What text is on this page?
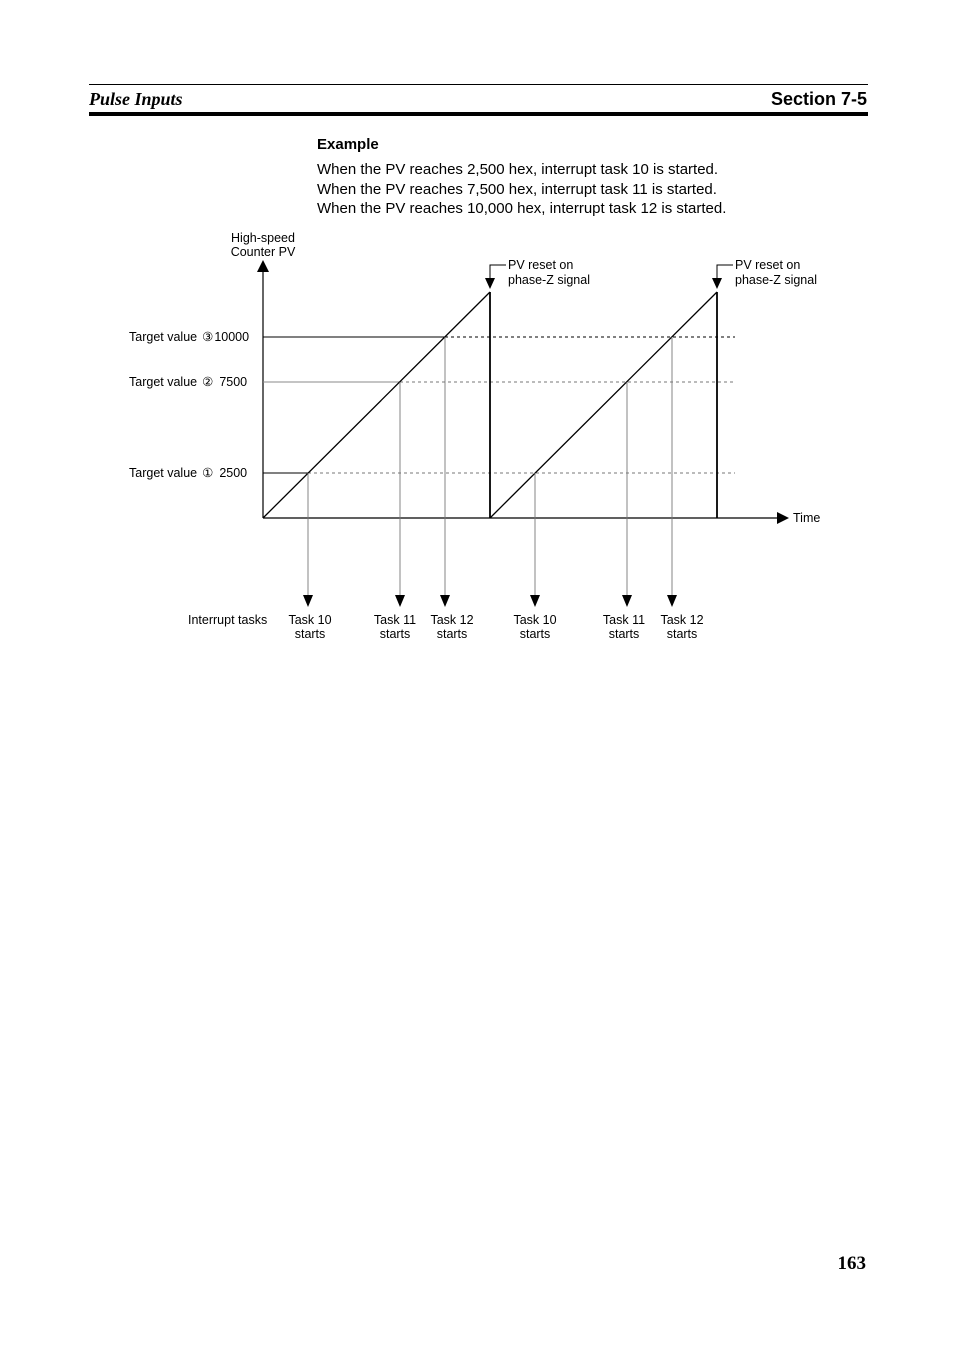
Pulse Inputs	Section 7-5
Example
When the PV reaches 2,500 hex, interrupt task 10 is started.
When the PV reaches 7,500 hex, interrupt task 11 is started.
When the PV reaches 10,000 hex, interrupt task 12 is started.
High-speed
Counter PV
Time
Target value ③10000
Target value ② 7500
Target value ① 2500
PV reset on
phase-Z signal
PV reset on
phase-Z signal
Interrupt tasks Task 10
starts
Task 11
starts
Task 12
starts
Task 10
starts
Task 11
starts
Task 12
starts
163
